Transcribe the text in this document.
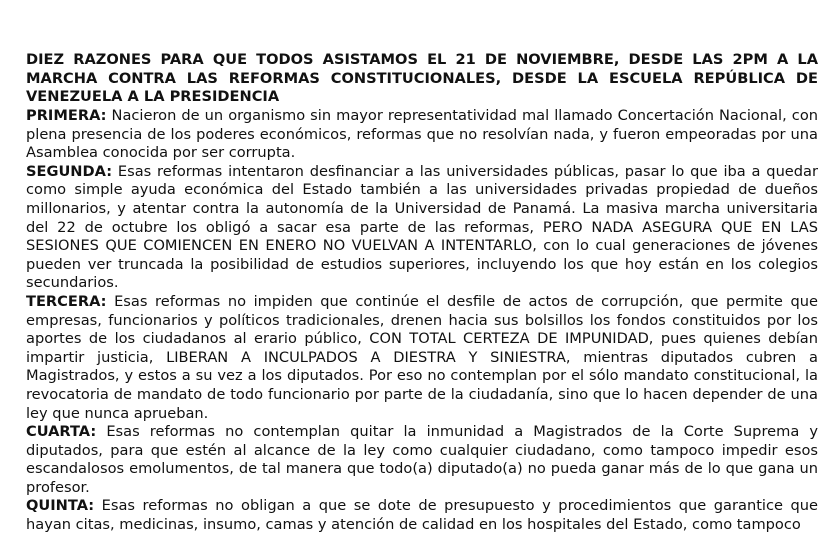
DIEZ RAZONES PARA QUE TODOS ASISTAMOS EL 21 DE NOVIEMBRE, DESDE LAS 2PM A LA MARCHA CONTRA LAS REFORMAS CONSTITUCIONALES, DESDE LA ESCUELA REPÚBLICA DE VENEZUELA A LA PRESIDENCIA

PRIMERA: Nacieron de un organismo sin mayor representatividad mal llamado Concertación Nacional, con plena presencia de los poderes económicos, reformas que no resolvían nada, y fueron empeoradas por una Asamblea conocida por ser corrupta.

SEGUNDA: Esas reformas intentaron desfinanciar a las universidades públicas, pasar lo que iba a quedar como simple ayuda económica del Estado también a las universidades privadas propiedad de dueños millonarios, y atentar contra la autonomía de la Universidad de Panamá. La masiva marcha universitaria del 22 de octubre los obligó a sacar esa parte de las reformas, PERO NADA ASEGURA QUE EN LAS SESIONES QUE COMIENCEN EN ENERO NO VUELVAN A INTENTARLO, con lo cual generaciones de jóvenes pueden ver truncada la posibilidad de estudios superiores, incluyendo los que hoy están en los colegios secundarios.

TERCERA: Esas reformas no impiden que continúe el desfile de actos de corrupción, que permite que empresas, funcionarios y políticos tradicionales, drenen hacia sus bolsillos los fondos constituidos por los aportes de los ciudadanos al erario público, CON TOTAL CERTEZA DE IMPUNIDAD, pues quienes debían impartir justicia, LIBERAN A INCULPADOS A DIESTRA Y SINIESTRA, mientras diputados cubren a Magistrados, y estos a su vez a los diputados. Por eso no contemplan por el sólo mandato constitucional, la revocatoria de mandato de todo funcionario por parte de la ciudadanía, sino que lo hacen depender de una ley que nunca aprueban.

CUARTA: Esas reformas no contemplan quitar la inmunidad a Magistrados de la Corte Suprema y diputados, para que estén al alcance de la ley como cualquier ciudadano, como tampoco impedir esos escandalosos emolumentos, de tal manera que todo(a) diputado(a) no pueda ganar más de lo que gana un profesor.

QUINTA: Esas reformas no obligan a que se dote de presupuesto y procedimientos que garantice que hayan citas, medicinas, insumo, camas y atención de calidad en los hospitales del Estado, como tampoco
